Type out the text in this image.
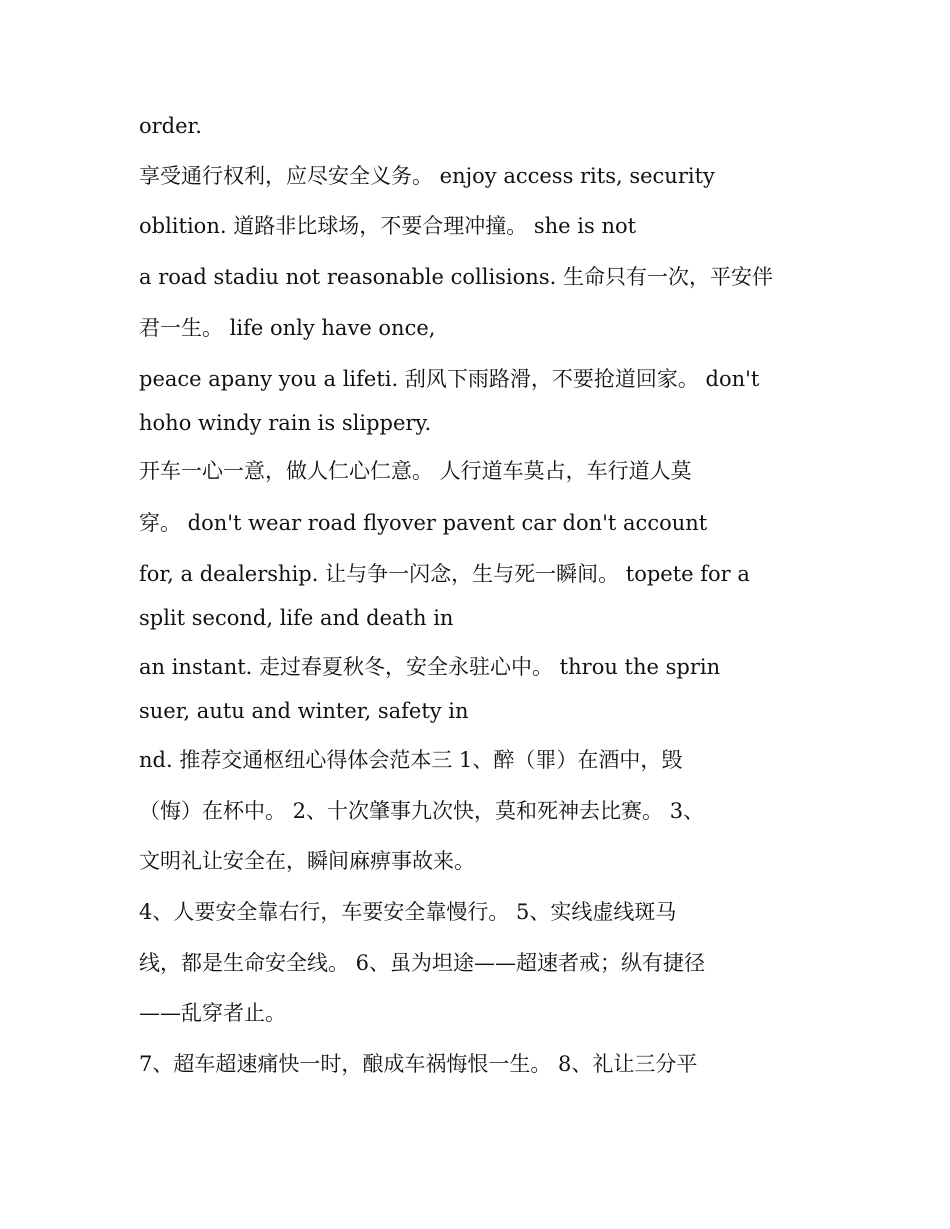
order.

享受通行权利，应尽安全义务。 enjoy access rits, security

oblition. 道路非比球场，不要合理冲撞。 she is not

a road stadiu not reasonable collisions. 生命只有一次，平安伴

君一生。 life only have once,

peace apany you a lifeti. 刮风下雨路滑，不要抢道回家。 don't

hoho windy rain is slippery.

开车一心一意，做人仁心仁意。 人行道车莫占，车行道人莫

穿。 don't wear road flyover pavent car don't account

for, a dealership. 让与争一闪念，生与死一瞬间。 topete for a

split second, life and death in

an instant. 走过春夏秋冬，安全永驻心中。 throu the sprin

suer, autu and winter, safety in

nd. 推荐交通枢纽心得体会范本三 1、醉（罪）在酒中，毁

（悔）在杯中。 2、十次肇事九次快，莫和死神去比赛。 3、

文明礼让安全在，瞬间麻痹事故来。

4、人要安全靠右行，车要安全靠慢行。 5、实线虚线斑马

线，都是生命安全线。 6、虽为坦途——超速者戒；纵有捷径

——乱穿者止。

7、超车超速痛快一时，酿成车祸悔恨一生。 8、礼让三分平
